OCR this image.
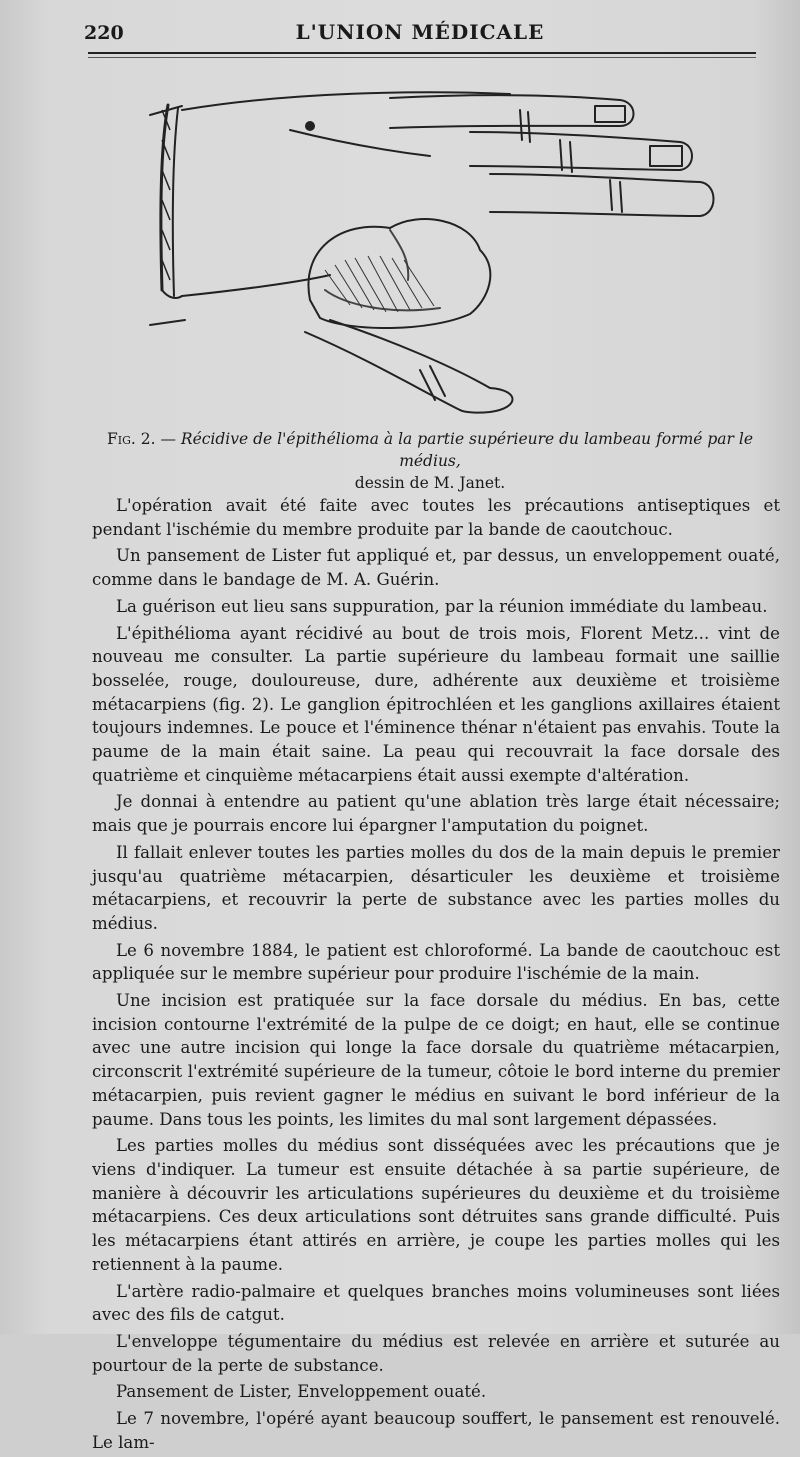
220	L'UNION MÉDICALE
Fig. 2. — Récidive de l'épithélioma à la partie supérieure du lambeau formé par le médius,
dessin de M. Janet.

L'opération avait été faite avec toutes les précautions antiseptiques et pendant l'ischémie du membre produite par la bande de caoutchouc.

Un pansement de Lister fut appliqué et, par dessus, un enveloppement ouaté, comme dans le bandage de M. A. Guérin.

La guérison eut lieu sans suppuration, par la réunion immédiate du lambeau.

L'épithélioma ayant récidivé au bout de trois mois, Florent Metz... vint de nouveau me consulter. La partie supérieure du lambeau formait une saillie bosselée, rouge, douloureuse, dure, adhérente aux deuxième et troisième métacarpiens (fig. 2). Le ganglion épitrochléen et les ganglions axillaires étaient toujours indemnes. Le pouce et l'éminence thénar n'étaient pas envahis. Toute la paume de la main était saine. La peau qui recouvrait la face dorsale des quatrième et cinquième métacarpiens était aussi exempte d'altération.

Je donnai à entendre au patient qu'une ablation très large était nécessaire; mais que je pourrais encore lui épargner l'amputation du poignet.

Il fallait enlever toutes les parties molles du dos de la main depuis le premier jusqu'au quatrième métacarpien, désarticuler les deuxième et troisième métacarpiens, et recouvrir la perte de substance avec les parties molles du médius.

Le 6 novembre 1884, le patient est chloroformé. La bande de caoutchouc est appliquée sur le membre supérieur pour produire l'ischémie de la main.

Une incision est pratiquée sur la face dorsale du médius. En bas, cette incision contourne l'extrémité de la pulpe de ce doigt; en haut, elle se continue avec une autre incision qui longe la face dorsale du quatrième métacarpien, circonscrit l'extrémité supérieure de la tumeur, côtoie le bord interne du premier métacarpien, puis revient gagner le médius en suivant le bord inférieur de la paume. Dans tous les points, les limites du mal sont largement dépassées.

Les parties molles du médius sont disséquées avec les précautions que je viens d'indiquer. La tumeur est ensuite détachée à sa partie supérieure, de manière à découvrir les articulations supérieures du deuxième et du troisième métacarpiens. Ces deux articulations sont détruites sans grande difficulté. Puis les métacarpiens étant attirés en arrière, je coupe les parties molles qui les retiennent à la paume.

L'artère radio-palmaire et quelques branches moins volumineuses sont liées avec des fils de catgut.

L'enveloppe tégumentaire du médius est relevée en arrière et suturée au pourtour de la perte de substance.

Pansement de Lister, Enveloppement ouaté.

Le 7 novembre, l'opéré ayant beaucoup souffert, le pansement est renouvelé. Le lam-
